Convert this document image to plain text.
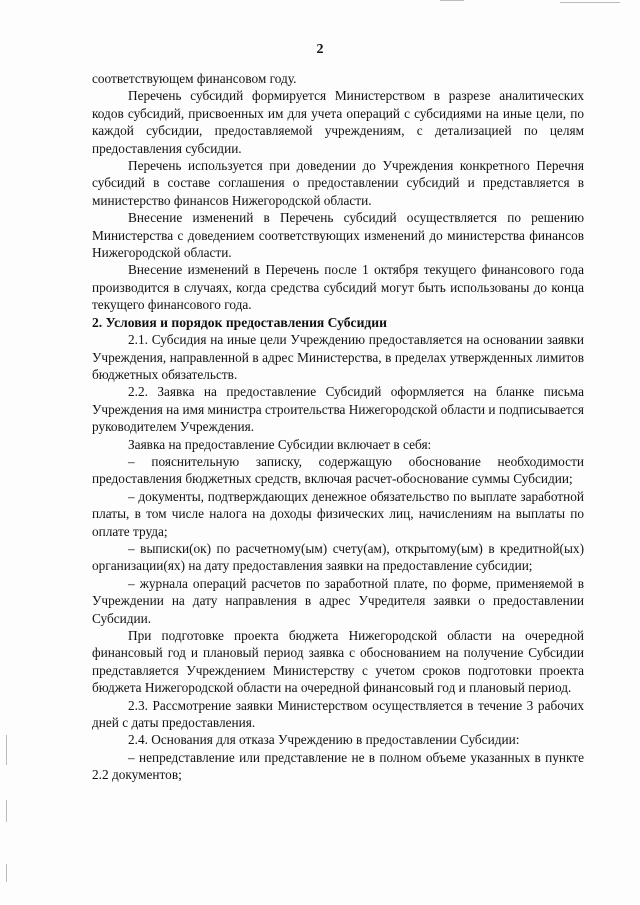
2

соответствующем финансовом году.

Перечень субсидий формируется Министерством в разрезе аналитических кодов субсидий, присвоенных им для учета операций с субсидиями на иные цели, по каждой субсидии, предоставляемой учреждениям, с детализацией по целям предоставления субсидии.

Перечень используется при доведении до Учреждения конкретного Перечня субсидий в составе соглашения о предоставлении субсидий и представляется в министерство финансов Нижегородской области.

Внесение изменений в Перечень субсидий осуществляется по решению Министерства с доведением соответствующих изменений до министерства финансов Нижегородской области.

Внесение изменений в Перечень после 1 октября текущего финансового года производится в случаях, когда средства субсидий могут быть использованы до конца текущего финансового года.

2. Условия и порядок предоставления Субсидии

2.1. Субсидия на иные цели Учреждению предоставляется на основании заявки Учреждения, направленной в адрес Министерства, в пределах утвержденных лимитов бюджетных обязательств.

2.2. Заявка на предоставление Субсидий оформляется на бланке письма Учреждения на имя министра строительства Нижегородской области и подписывается руководителем Учреждения.

Заявка на предоставление Субсидии включает в себя:

– пояснительную записку, содержащую обоснование необходимости предоставления бюджетных средств, включая расчет-обоснование суммы Субсидии;

– документы, подтверждающих денежное обязательство по выплате заработной платы, в том числе налога на доходы физических лиц, начислениям на выплаты по оплате труда;

– выписки(ок) по расчетному(ым) счету(ам), открытому(ым) в кредитной(ых) организации(ях) на дату предоставления заявки на предоставление субсидии;

– журнала операций расчетов по заработной плате, по форме, применяемой в Учреждении на дату направления в адрес Учредителя заявки о предоставлении Субсидии.

При подготовке проекта бюджета Нижегородской области на очередной финансовый год и плановый период заявка с обоснованием на получение Субсидии представляется Учреждением Министерству с учетом сроков подготовки проекта бюджета Нижегородской области на очередной финансовый год и плановый период.

2.3. Рассмотрение заявки Министерством осуществляется в течение 3 рабочих дней с даты предоставления.

2.4. Основания для отказа Учреждению в предоставлении Субсидии:

– непредставление или представление не в полном объеме указанных в пункте 2.2 документов;
